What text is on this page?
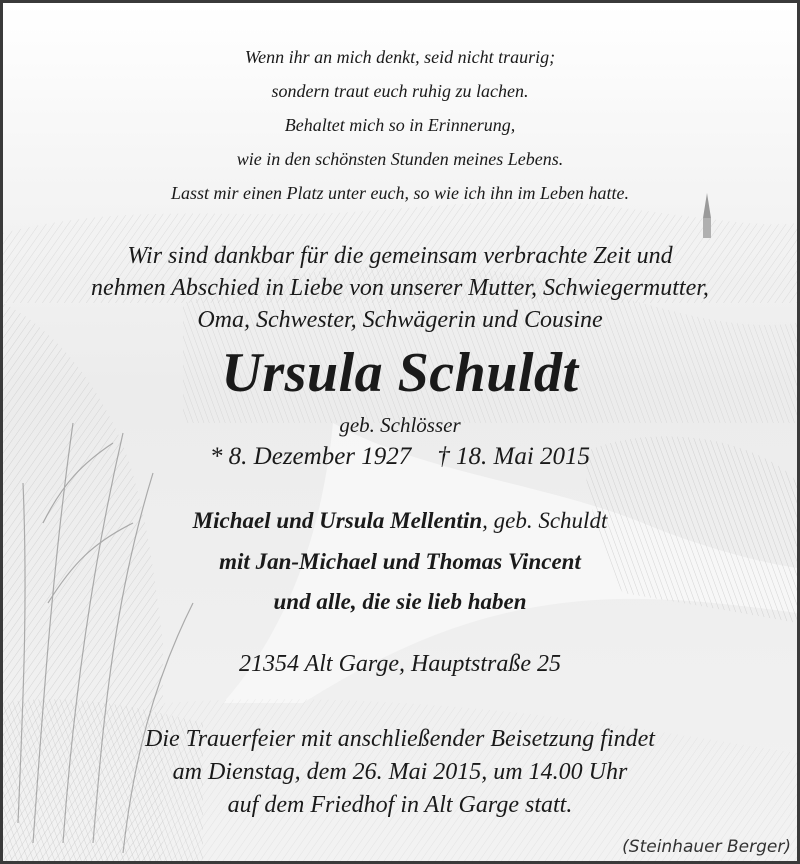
Wenn ihr an mich denkt, seid nicht traurig;
sondern traut euch ruhig zu lachen.
Behaltet mich so in Erinnerung,
wie in den schönsten Stunden meines Lebens.
Lasst mir einen Platz unter euch, so wie ich ihn im Leben hatte.
Wir sind dankbar für die gemeinsam verbrachte Zeit und
nehmen Abschied in Liebe von unserer Mutter, Schwiegermutter,
Oma, Schwester, Schwägerin und Cousine
Ursula Schuldt
geb. Schlösser
* 8. Dezember 1927 † 18. Mai 2015
Michael und Ursula Mellentin, geb. Schuldt
mit Jan-Michael und Thomas Vincent
und alle, die sie lieb haben
21354 Alt Garge, Hauptstraße 25
Die Trauerfeier mit anschließender Beisetzung findet
am Dienstag, dem 26. Mai 2015, um 14.00 Uhr
auf dem Friedhof in Alt Garge statt.
(Steinhauer Berger)
